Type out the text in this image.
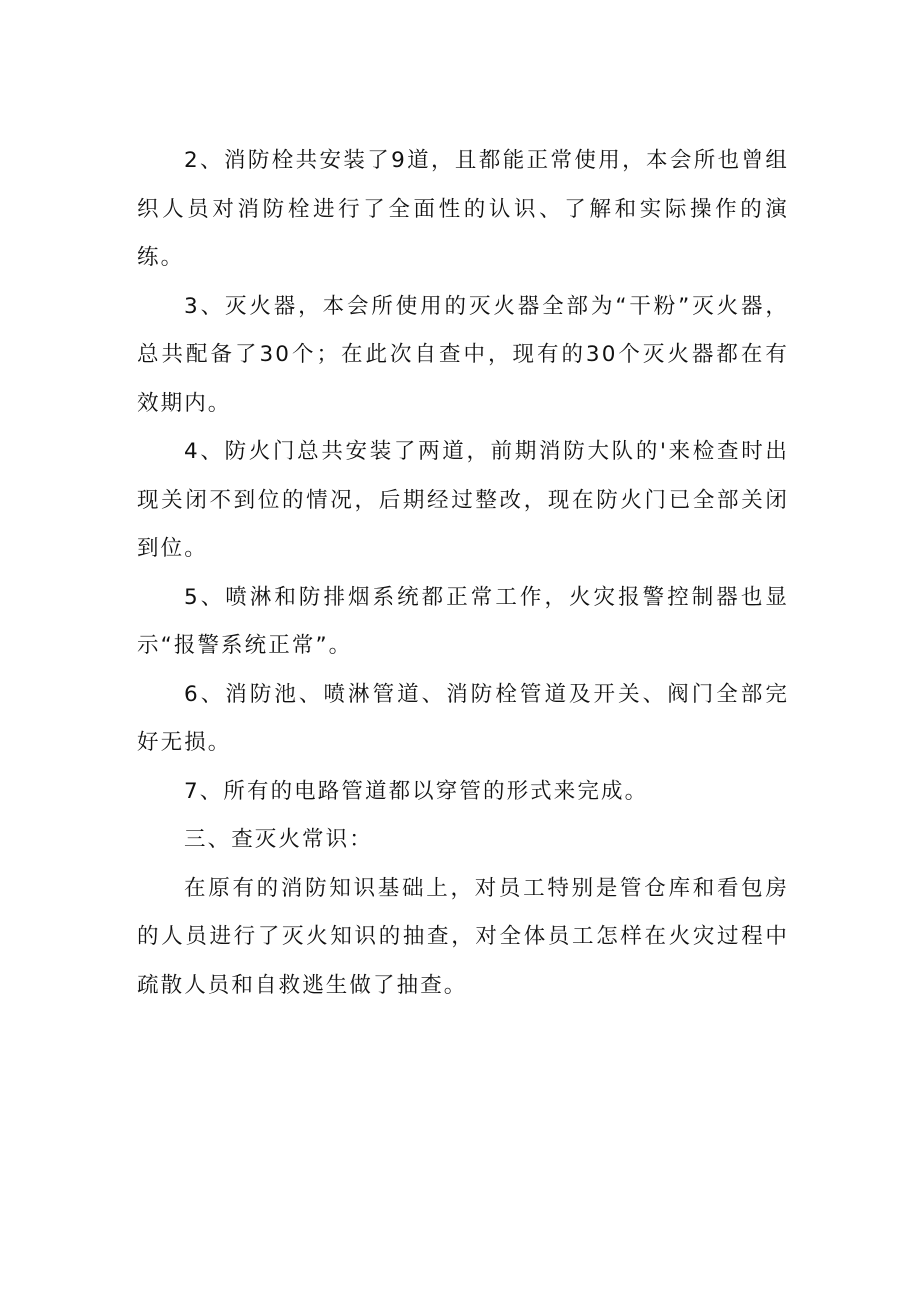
2、消防栓共安装了9道，且都能正常使用，本会所也曾组织人员对消防栓进行了全面性的认识、了解和实际操作的演练。

3、灭火器，本会所使用的灭火器全部为“干粉”灭火器，总共配备了30个；在此次自查中，现有的30个灭火器都在有效期内。

4、防火门总共安装了两道，前期消防大队的'来检查时出现关闭不到位的情况，后期经过整改，现在防火门已全部关闭到位。

5、喷淋和防排烟系统都正常工作，火灾报警控制器也显示“报警系统正常”。

6、消防池、喷淋管道、消防栓管道及开关、阀门全部完好无损。

7、所有的电路管道都以穿管的形式来完成。

三、查灭火常识：

在原有的消防知识基础上，对员工特别是管仓库和看包房的人员进行了灭火知识的抽查，对全体员工怎样在火灾过程中疏散人员和自救逃生做了抽查。
